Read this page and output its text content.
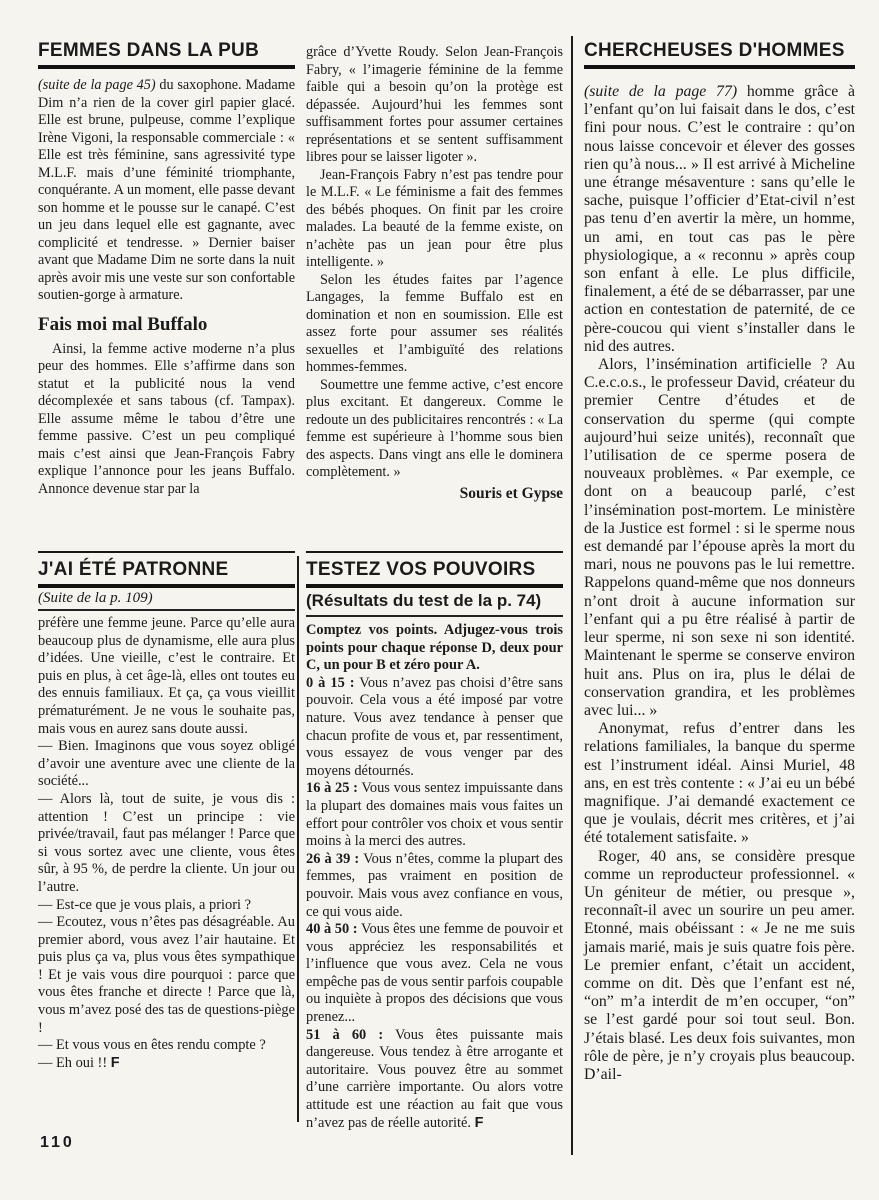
FEMMES DANS LA PUB

(suite de la page 45) du saxophone. Madame Dim n’a rien de la cover girl papier glacé. Elle est brune, pulpeuse, comme l’explique Irène Vigoni, la responsable commerciale : « Elle est très féminine, sans agressivité type M.L.F. mais d’une féminité triomphante, conquérante. A un moment, elle passe devant son homme et le pousse sur le canapé. C’est un jeu dans lequel elle est gagnante, avec complicité et tendresse. » Dernier baiser avant que Madame Dim ne sorte dans la nuit après avoir mis une veste sur son confortable soutien-gorge à armature.

Fais moi mal Buffalo

Ainsi, la femme active moderne n’a plus peur des hommes. Elle s’affirme dans son statut et la publicité nous la vend décomplexée et sans tabous (cf. Tampax). Elle assume même le tabou d’être une femme passive. C’est un peu compliqué mais c’est ainsi que Jean-François Fabry explique l’annonce pour les jeans Buffalo. Annonce devenue star par la

J'AI ÉTÉ PATRONNE
(Suite de la p. 109)

préfère une femme jeune. Parce qu’elle aura beaucoup plus de dynamisme, elle aura plus d’idées. Une vieille, c’est le contraire. Et puis en plus, à cet âge-là, elles ont toutes eu des ennuis familiaux. Et ça, ça vous vieillit prématurément. Je ne vous le souhaite pas, mais vous en aurez sans doute aussi.

— Bien. Imaginons que vous soyez obligé d’avoir une aventure avec une cliente de la société...

— Alors là, tout de suite, je vous dis : attention ! C’est un principe : vie privée/travail, faut pas mélanger ! Parce que si vous sortez avec une cliente, vous êtes sûr, à 95 %, de perdre la cliente. Un jour ou l’autre.

— Est-ce que je vous plais, a priori ?

— Ecoutez, vous n’êtes pas désagréable. Au premier abord, vous avez l’air hautaine. Et puis plus ça va, plus vous êtes sympathique ! Et je vais vous dire pourquoi : parce que vous êtes franche et directe ! Parce que là, vous m’avez posé des tas de questions-piège !

— Et vous vous en êtes rendu compte ?

— Eh oui !! F

grâce d’Yvette Roudy. Selon Jean-François Fabry, « l’imagerie féminine de la femme faible qui a besoin qu’on la protège est dépassée. Aujourd’hui les femmes sont suffisamment fortes pour assumer certaines représentations et se sentent suffisamment libres pour se laisser ligoter ».

Jean-François Fabry n’est pas tendre pour le M.L.F. « Le féminisme a fait des femmes des bébés phoques. On finit par les croire malades. La beauté de la femme existe, on n’achète pas un jean pour être plus intelligente. »

Selon les études faites par l’agence Langages, la femme Buffalo est en domination et non en soumission. Elle est assez forte pour assumer ses réalités sexuelles et l’ambiguïté des relations hommes-femmes.

Soumettre une femme active, c’est encore plus excitant. Et dangereux. Comme le redoute un des publicitaires rencontrés : « La femme est supérieure à l’homme sous bien des aspects. Dans vingt ans elle le dominera complètement. »

Souris et Gypse
TESTEZ VOS POUVOIRS
(Résultats du test de la p. 74)

Comptez vos points. Adjugez-vous trois points pour chaque réponse D, deux pour C, un pour B et zéro pour A.

0 à 15 : Vous n’avez pas choisi d’être sans pouvoir. Cela vous a été imposé par votre nature. Vous avez tendance à penser que chacun profite de vous et, par ressentiment, vous essayez de vous venger par des moyens détournés.

16 à 25 : Vous vous sentez impuissante dans la plupart des domaines mais vous faites un effort pour contrôler vos choix et vous sentir moins à la merci des autres.

26 à 39 : Vous n’êtes, comme la plupart des femmes, pas vraiment en position de pouvoir. Mais vous avez confiance en vous, ce qui vous aide.

40 à 50 : Vous êtes une femme de pouvoir et vous appréciez les responsabilités et l’influence que vous avez. Cela ne vous empêche pas de vous sentir parfois coupable ou inquiète à propos des décisions que vous prenez...

51 à 60 : Vous êtes puissante mais dangereuse. Vous tendez à être arrogante et autoritaire. Vous pouvez être au sommet d’une carrière importante. Ou alors votre attitude est une réaction au fait que vous n’avez pas de réelle autorité. F

CHERCHEUSES D'HOMMES

(suite de la page 77) homme grâce à l’enfant qu’on lui faisait dans le dos, c’est fini pour nous. C’est le contraire : qu’on nous laisse concevoir et élever des gosses rien qu’à nous... » Il est arrivé à Micheline une étrange mésaventure : sans qu’elle le sache, puisque l’officier d’Etat-civil n’est pas tenu d’en avertir la mère, un homme, un ami, en tout cas pas le père physiologique, a « reconnu » après coup son enfant à elle. Le plus difficile, finalement, a été de se débarrasser, par une action en contestation de paternité, de ce père-coucou qui vient s’installer dans le nid des autres.

Alors, l’insémination artificielle ? Au C.e.c.o.s., le professeur David, créateur du premier Centre d’études et de conservation du sperme (qui compte aujourd’hui seize unités), reconnaît que l’utilisation de ce sperme posera de nouveaux problèmes. « Par exemple, ce dont on a beaucoup parlé, c’est l’insémination post-mortem. Le ministère de la Justice est formel : si le sperme nous est demandé par l’épouse après la mort du mari, nous ne pouvons pas le lui remettre. Rappelons quand-même que nos donneurs n’ont droit à aucune information sur l’enfant qui a pu être réalisé à partir de leur sperme, ni son sexe ni son identité. Maintenant le sperme se conserve environ huit ans. Plus on ira, plus le délai de conservation grandira, et les problèmes avec lui... »

Anonymat, refus d’entrer dans les relations familiales, la banque du sperme est l’instrument idéal. Ainsi Muriel, 48 ans, en est très contente : « J’ai eu un bébé magnifique. J’ai demandé exactement ce que je voulais, décrit mes critères, et j’ai été totalement satisfaite. »

Roger, 40 ans, se considère presque comme un reproducteur professionnel. « Un géniteur de métier, ou presque », reconnaît-il avec un sourire un peu amer. Etonné, mais obéissant : « Je ne me suis jamais marié, mais je suis quatre fois père. Le premier enfant, c’était un accident, comme on dit. Dès que l’enfant est né, “on” m’a interdit de m’en occuper, “on” se l’est gardé pour soi tout seul. Bon. J’étais blasé. Les deux fois suivantes, mon rôle de père, je n’y croyais plus beaucoup. D’ail-

110
